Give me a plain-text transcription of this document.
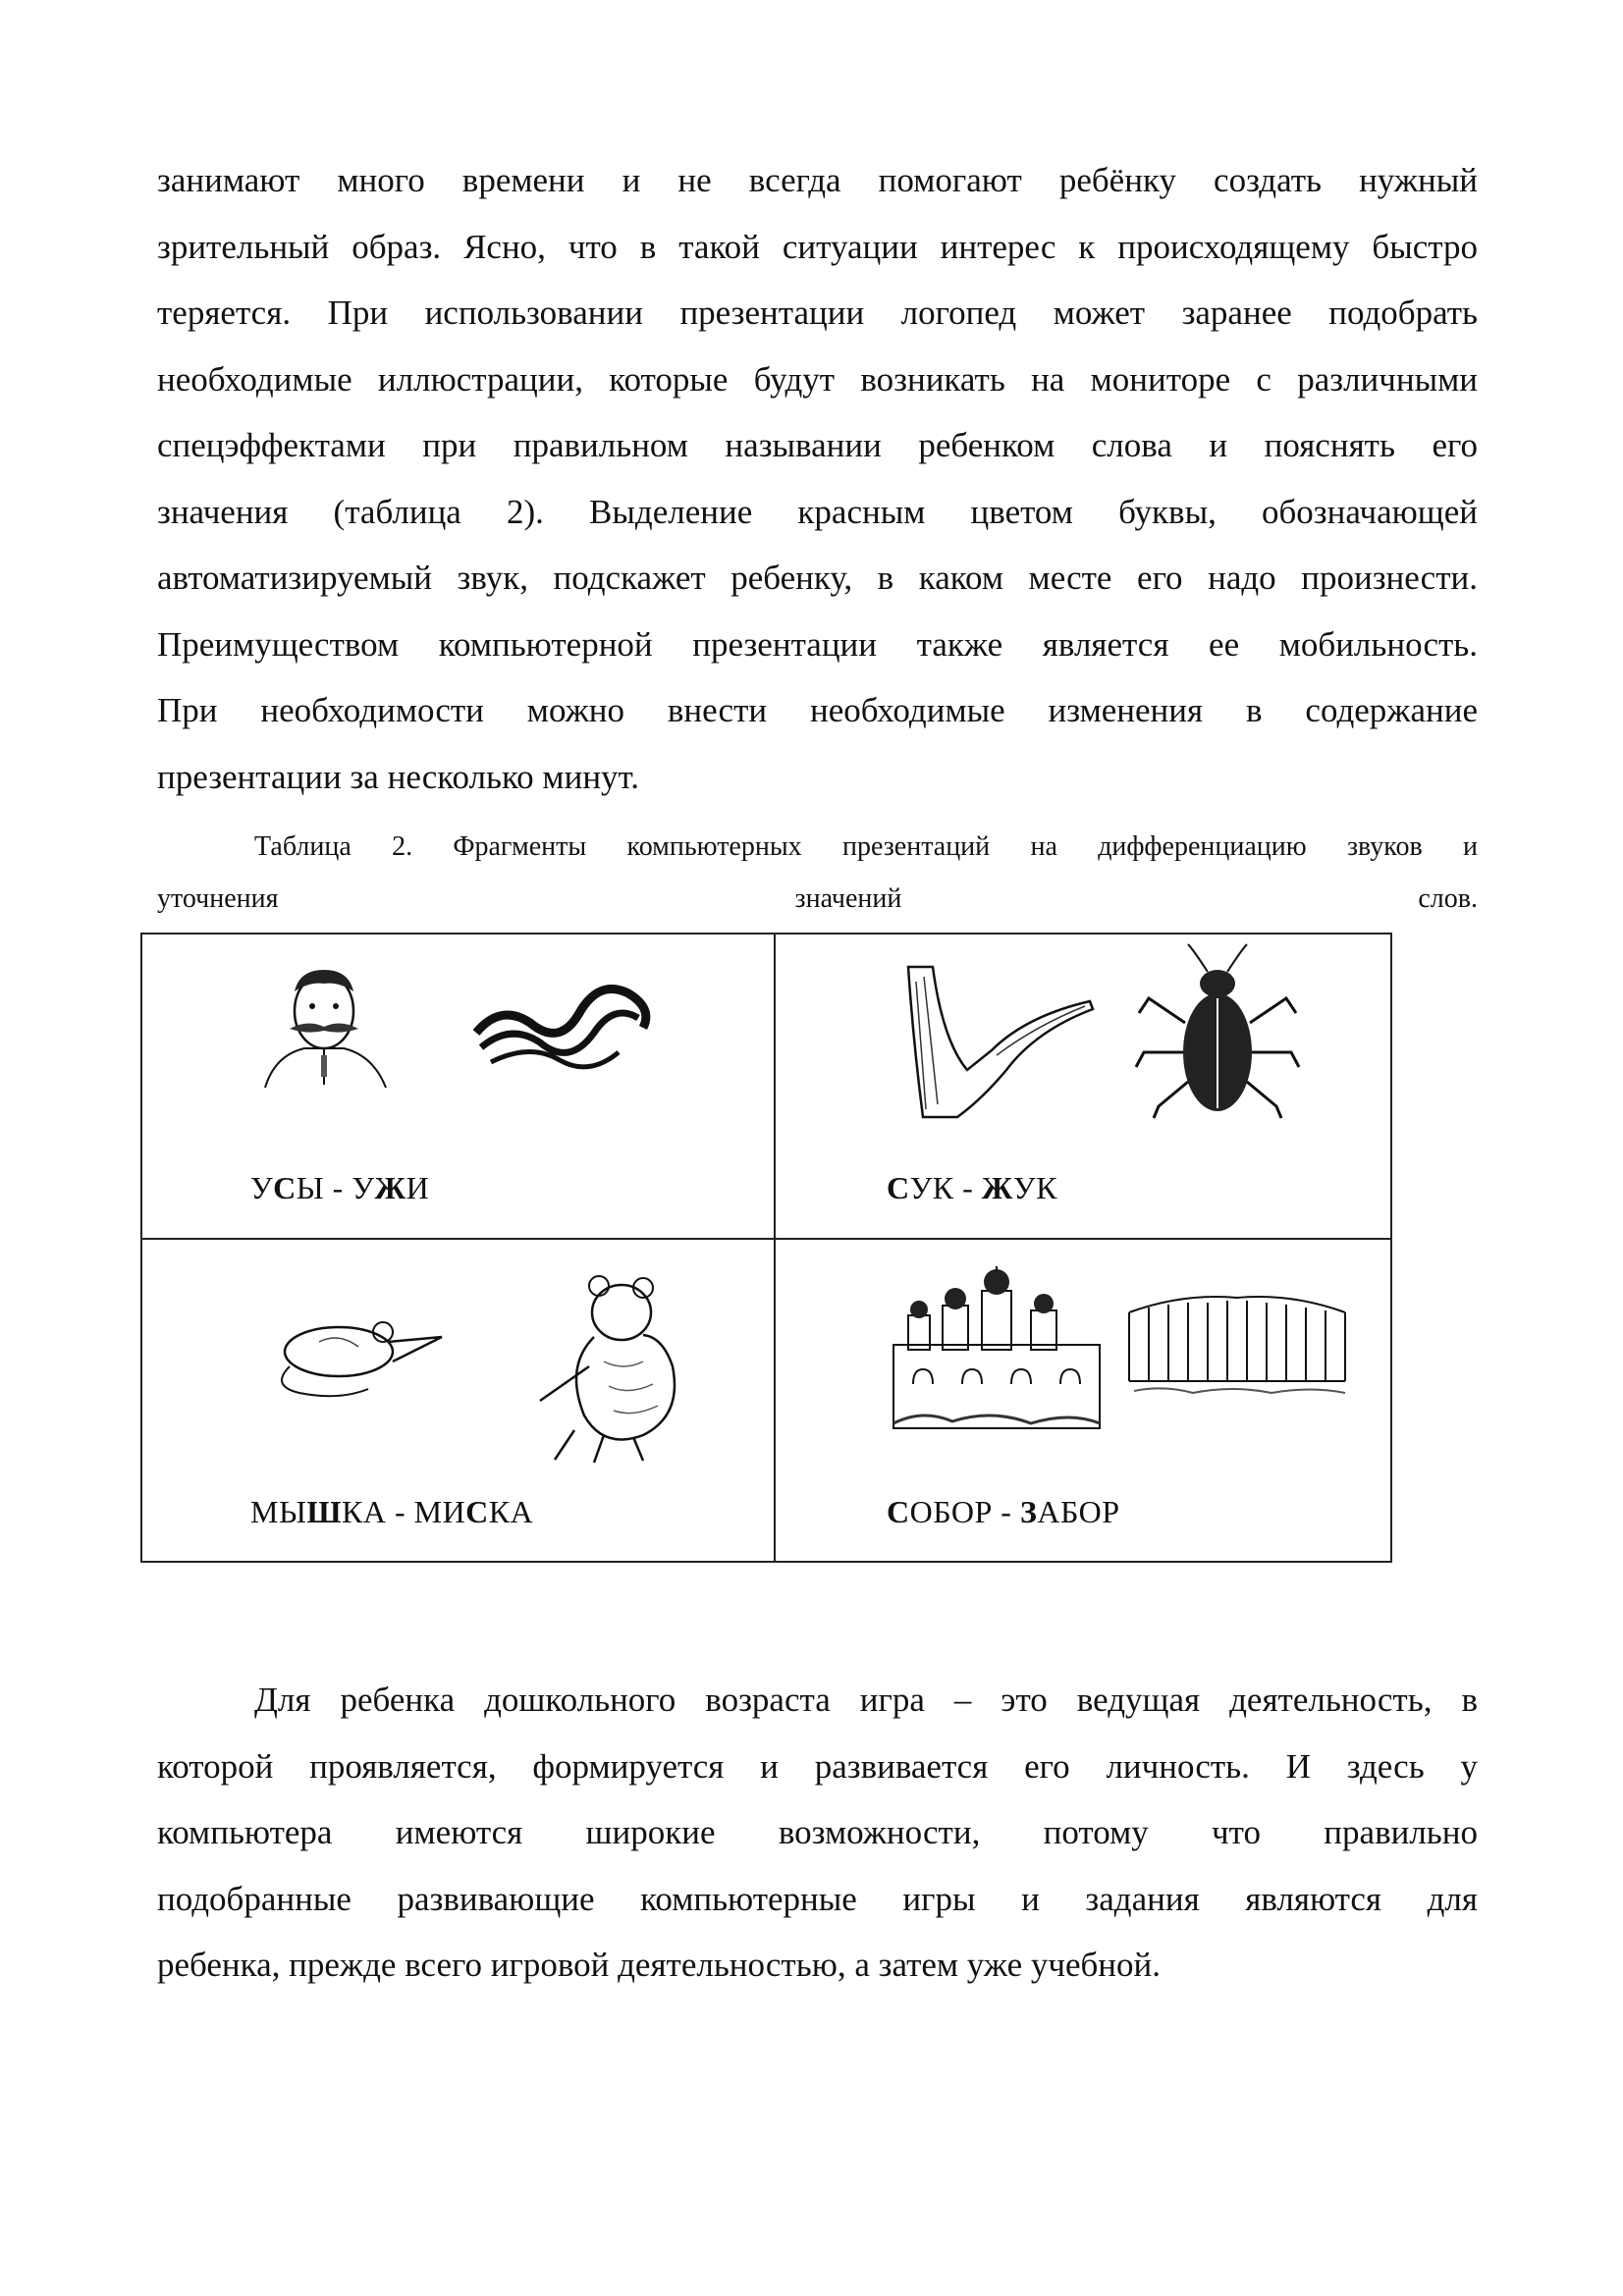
занимают много времени и не всегда помогают ребёнку создать нужный
зрительный образ. Ясно, что в такой ситуации интерес к происходящему быстро
теряется. При использовании презентации логопед может заранее подобрать
необходимые иллюстрации, которые будут возникать на мониторе с различными
спецэффектами при правильном назывании ребенком слова и пояснять его
значения (таблица 2). Выделение красным цветом буквы, обозначающей
автоматизируемый звук, подскажет ребенку, в каком месте его надо произнести.
Преимуществом компьютерной презентации также является ее мобильность.
При необходимости можно внести необходимые изменения в содержание
презентации за несколько минут.
Таблица 2. Фрагменты компьютерных презентаций на дифференциацию звуков и
уточнения значений слов.
УСЫ - УЖИ	СУК - ЖУК
МЫШКА - МИСКА	СОБОР - ЗАБОР
Для ребенка дошкольного возраста игра – это ведущая деятельность, в
которой проявляется, формируется и развивается его личность. И здесь у
компьютера имеются широкие возможности, потому что правильно
подобранные развивающие компьютерные игры и задания являются для
ребенка, прежде всего игровой деятельностью, а затем уже учебной.
